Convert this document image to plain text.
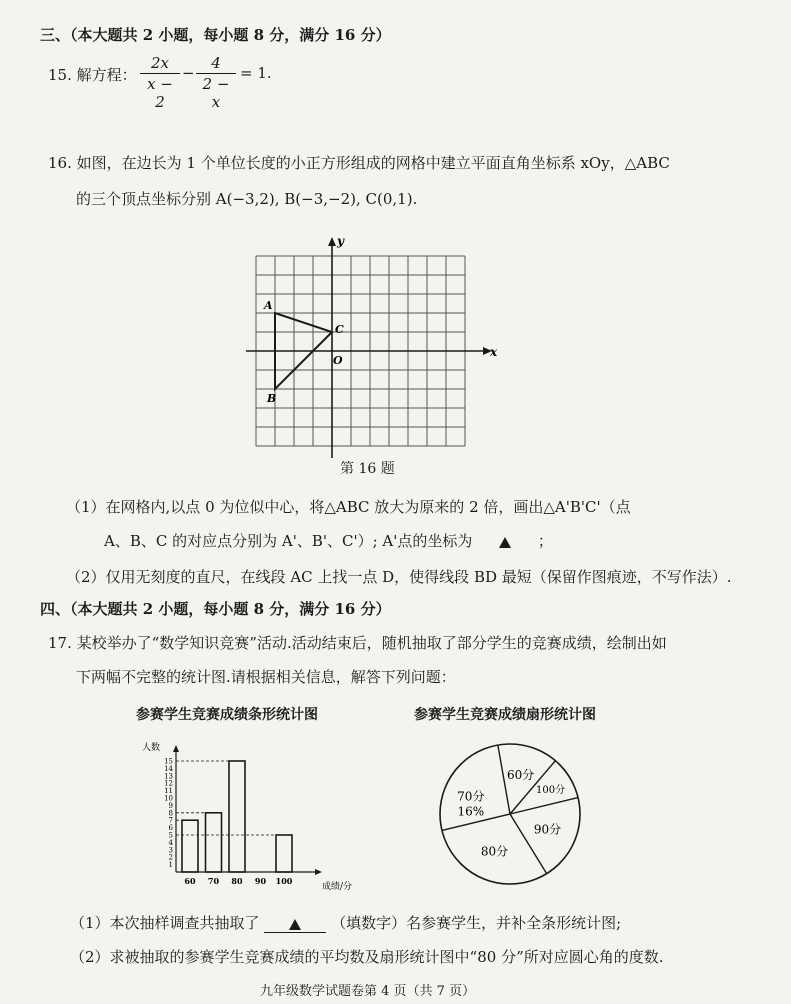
三、（本大题共 2 小题，每小题 8 分，满分 16 分）
15. 解方程： $\frac{2x}{x - 2} - \frac{4}{2 - x} = 1$.
16. 如图，在边长为 1 个单位长度的小正方形组成的网格中建立平面直角坐标系 xOy，△ABC
的三个顶点坐标分别 A(−3,2), B(−3,−2), C(0,1).
x
y
O
A
B
C
第 16 题
（1）在网格内,以点 0 为位似中心，将△ABC 放大为原来的 2 倍，画出△A'B'C'（点
A、B、C 的对应点分别为 A'、B'、C'）; A'点的坐标为	；
（2）仅用无刻度的直尺，在线段 AC 上找一点 D，使得线段 BD 最短（保留作图痕迹，不写作法）.
四、（本大题共 2 小题，每小题 8 分，满分 16 分）
17. 某校举办了“数学知识竞赛”活动.活动结束后，随机抽取了部分学生的竞赛成绩，绘制出如
下两幅不完整的统计图.请根据相关信息，解答下列问题：
参赛学生竞赛成绩条形统计图	参赛学生竞赛成绩扇形统计图
人数
成绩/分
1
2
3
4
5
6
7
8
9
10
11
12
13
14
15
60 70 80 90 100
60分
100分
90分
80分
70分
16%
（1）本次抽样调查共抽取了	（填数字）名参赛学生，并补全条形统计图;
（2）求被抽取的参赛学生竞赛成绩的平均数及扇形统计图中“80 分”所对应圆心角的度数.
九年级数学试题卷第 4 页（共 7 页）
